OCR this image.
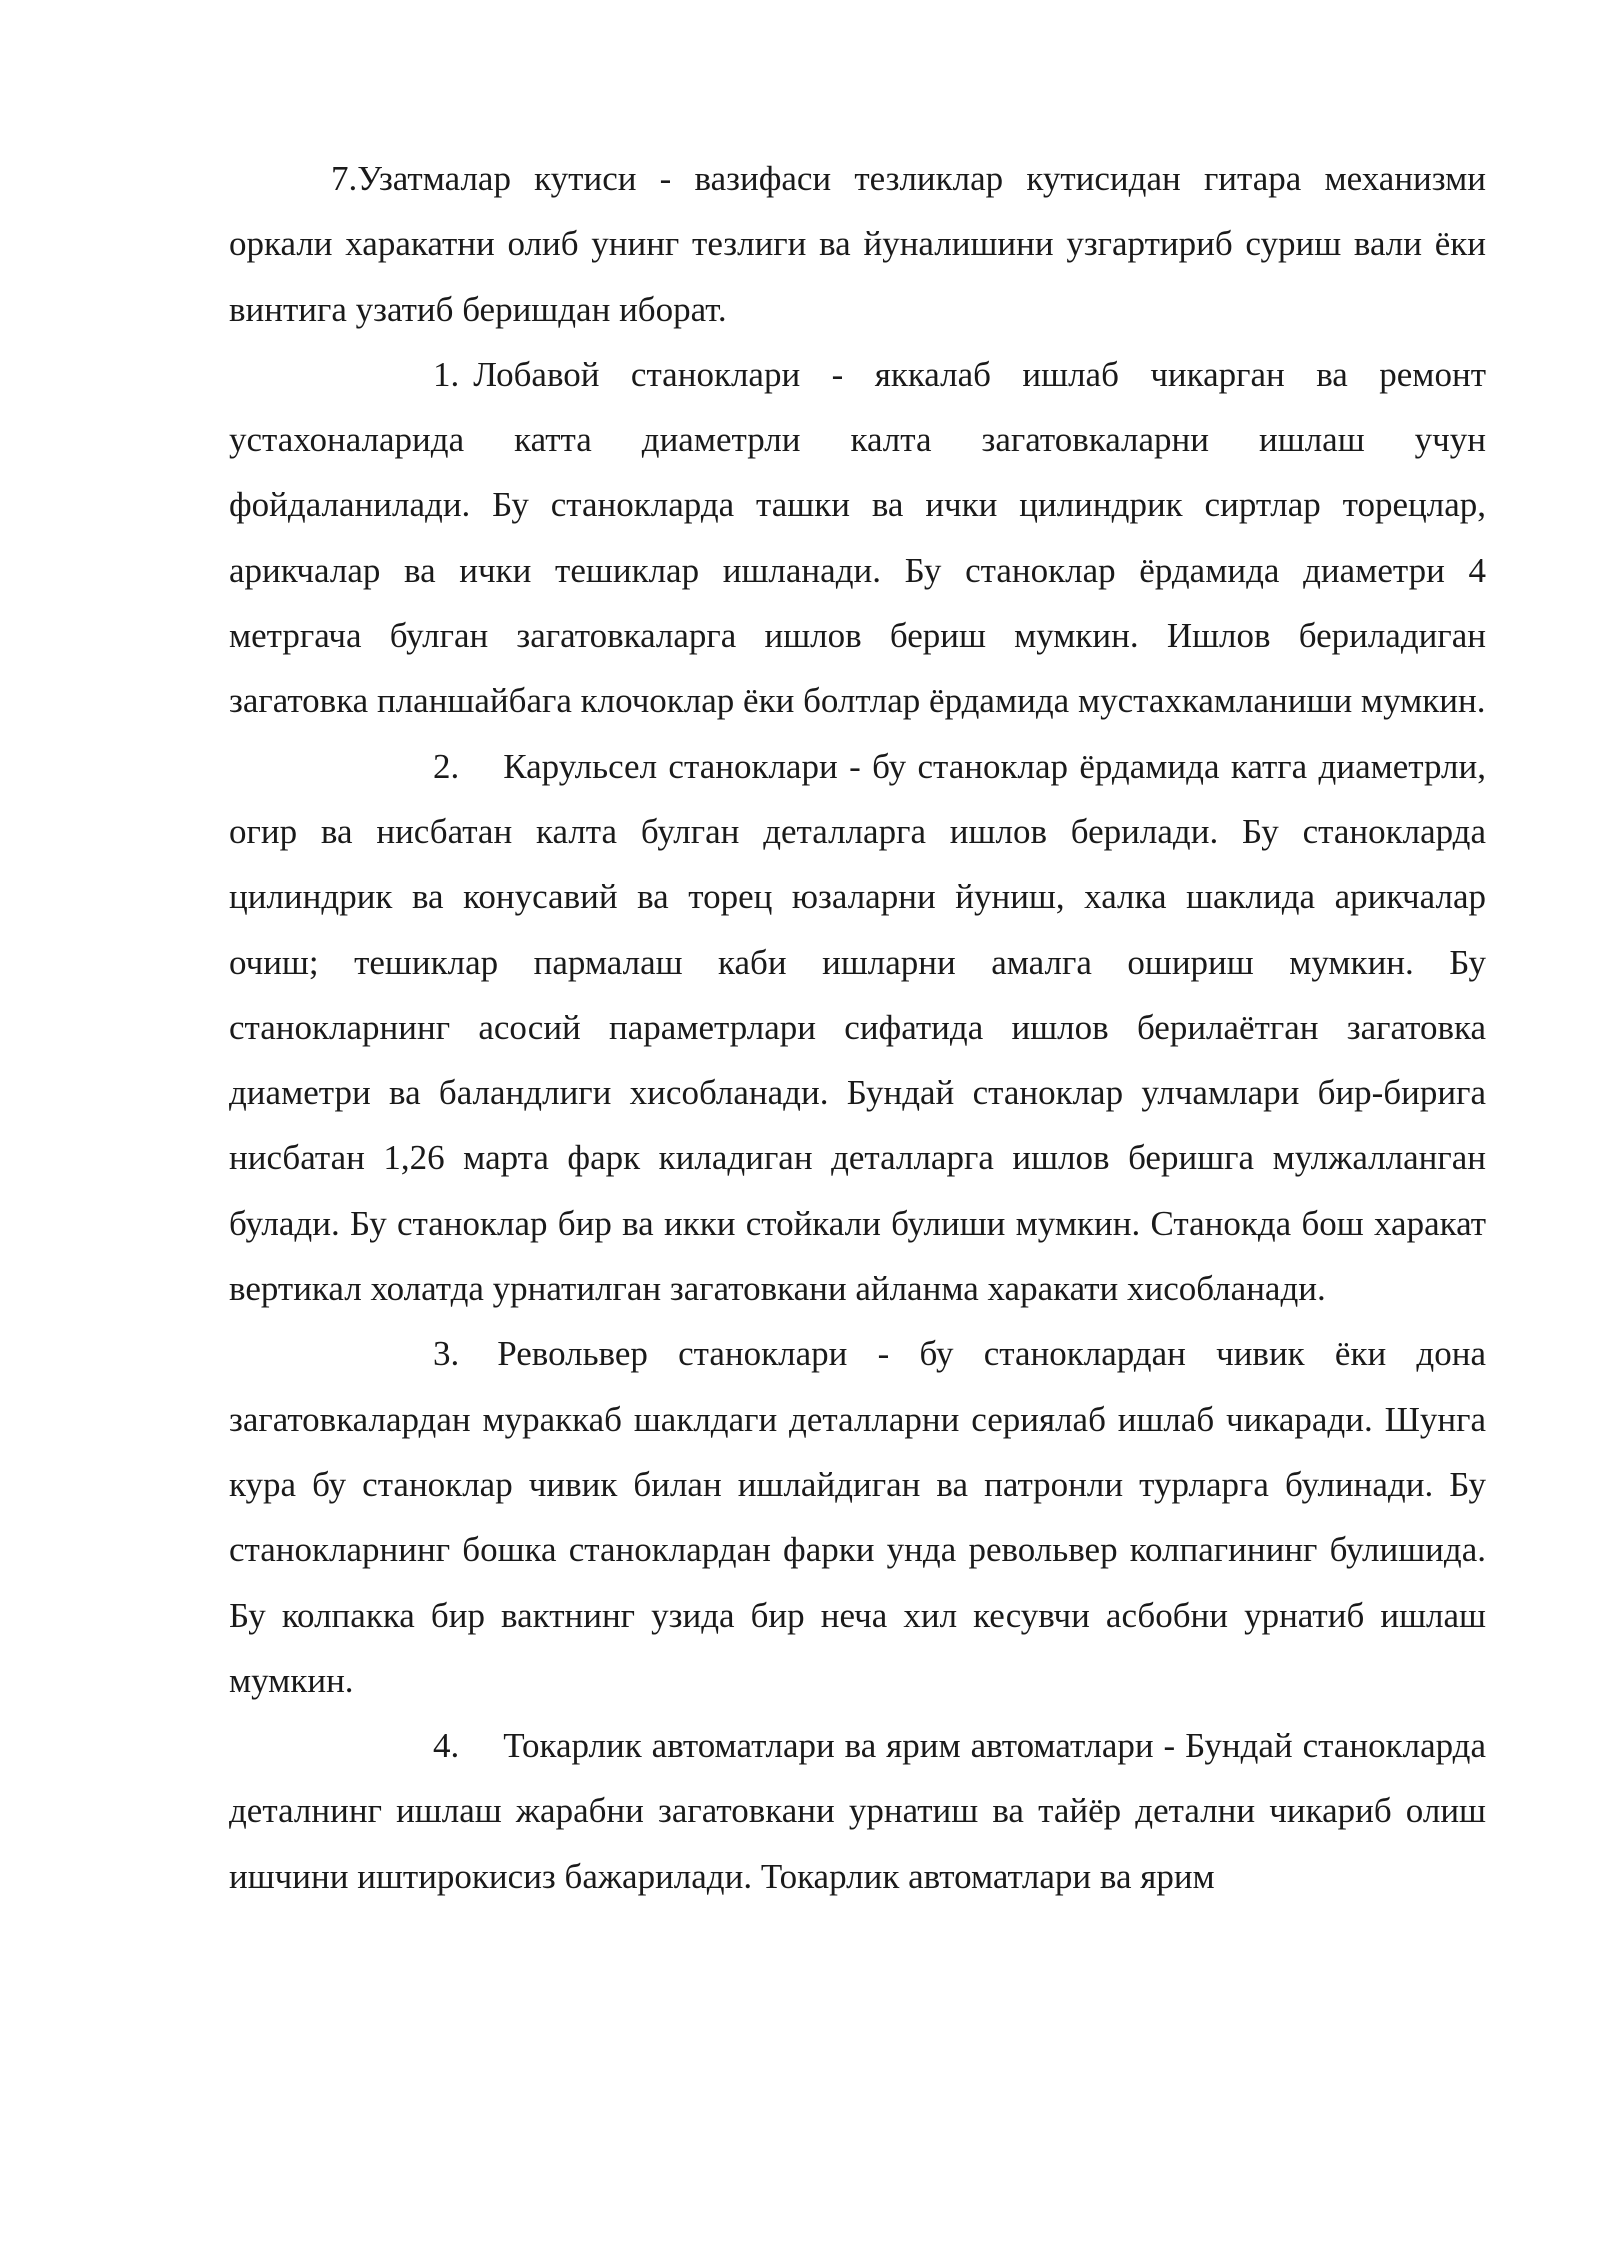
7.Узатмалар кутиси - вазифаси тезликлар кутисидан гитара механизми оркали харакатни олиб унинг тезлиги ва йуналишини узгартириб суриш вали ёки винтига узатиб беришдан иборат.

1. Лобавой станоклари - яккалаб ишлаб чикарган ва ремонт устахоналарида катта диаметрли калта загатовкаларни ишлаш учун фойдаланилади. Бу станокларда ташки ва ички цилиндрик сиртлар торецлар, арикчалар ва ички тешиклар ишланади. Бу станоклар ёрдамида диаметри 4 метргача булган загатовкаларга ишлов бериш мумкин. Ишлов бериладиган загатовка планшайбага клочоклар ёки болтлар ёрдамида мустахкамланиши мумкин.

2. Карульсел станоклари - бу станоклар ёрдамида катга диаметрли, огир ва нисбатан калта булган деталларга ишлов берилади. Бу станокларда цилиндрик ва конусавий ва торец юзаларни йуниш, халка шаклида арикчалар очиш; тешиклар пармалаш каби ишларни амалга ошириш мумкин. Бу станокларнинг асосий параметрлари сифатида ишлов берилаётган загатовка диаметри ва баландлиги хисобланади. Бундай станоклар улчамлари бир-бирига нисбатан 1,26 марта фарк киладиган деталларга ишлов беришга мулжалланган булади. Бу станоклар бир ва икки стойкали булиши мумкин. Станокда бош харакат вертикал холатда урнатилган загатовкани айланма харакати хисобланади.

3. Револьвер станоклари - бу станоклардан чивик ёки дона загатовкалардан мураккаб шаклдаги деталларни сериялаб ишлаб чикаради. Шунга кура бу станоклар чивик билан ишлайдиган ва патронли турларга булинади. Бу станокларнинг бошка станоклардан фарки унда револьвер колпагининг булишида. Бу колпакка бир вактнинг узида бир неча хил кесувчи асбобни урнатиб ишлаш мумкин.

4. Токарлик автоматлари ва ярим автоматлари - Бундай станокларда деталнинг ишлаш жарабни загатовкани урнатиш ва тайёр детални чикариб олиш ишчини иштирокисиз бажарилади. Токарлик автоматлари ва ярим
